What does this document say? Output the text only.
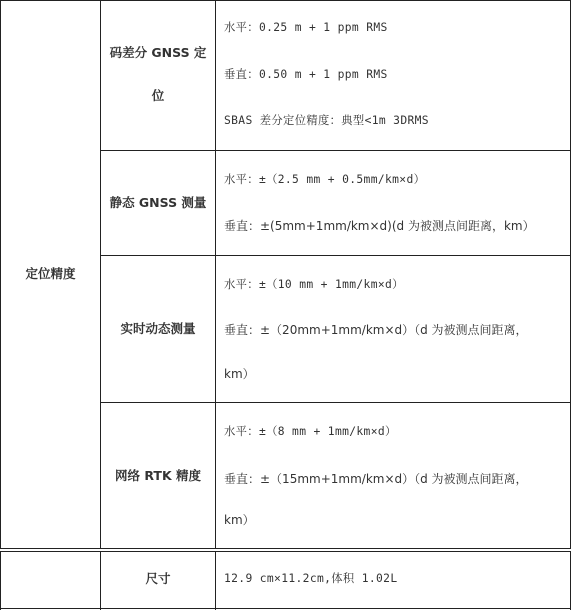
定位精度
码差分 GNSS 定
位
水平：0.25 m + 1 ppm RMS
垂直：0.50 m + 1 ppm RMS
SBAS 差分定位精度：典型<1m 3DRMS
静态 GNSS 测量
水平：±（2.5 mm + 0.5mm/km×d）
垂直：±(5mm+1mm/km×d)(d 为被测点间距离，km）
实时动态测量
水平：±（10 mm + 1mm/km×d）
垂直：±（20mm+1mm/km×d）（d 为被测点间距离，
km）
网络 RTK 精度
水平：±（8 mm + 1mm/km×d）
垂直：±（15mm+1mm/km×d）（d 为被测点间距离，
km）
尺寸	12.9 cm×11.2cm,体积 1.02L
